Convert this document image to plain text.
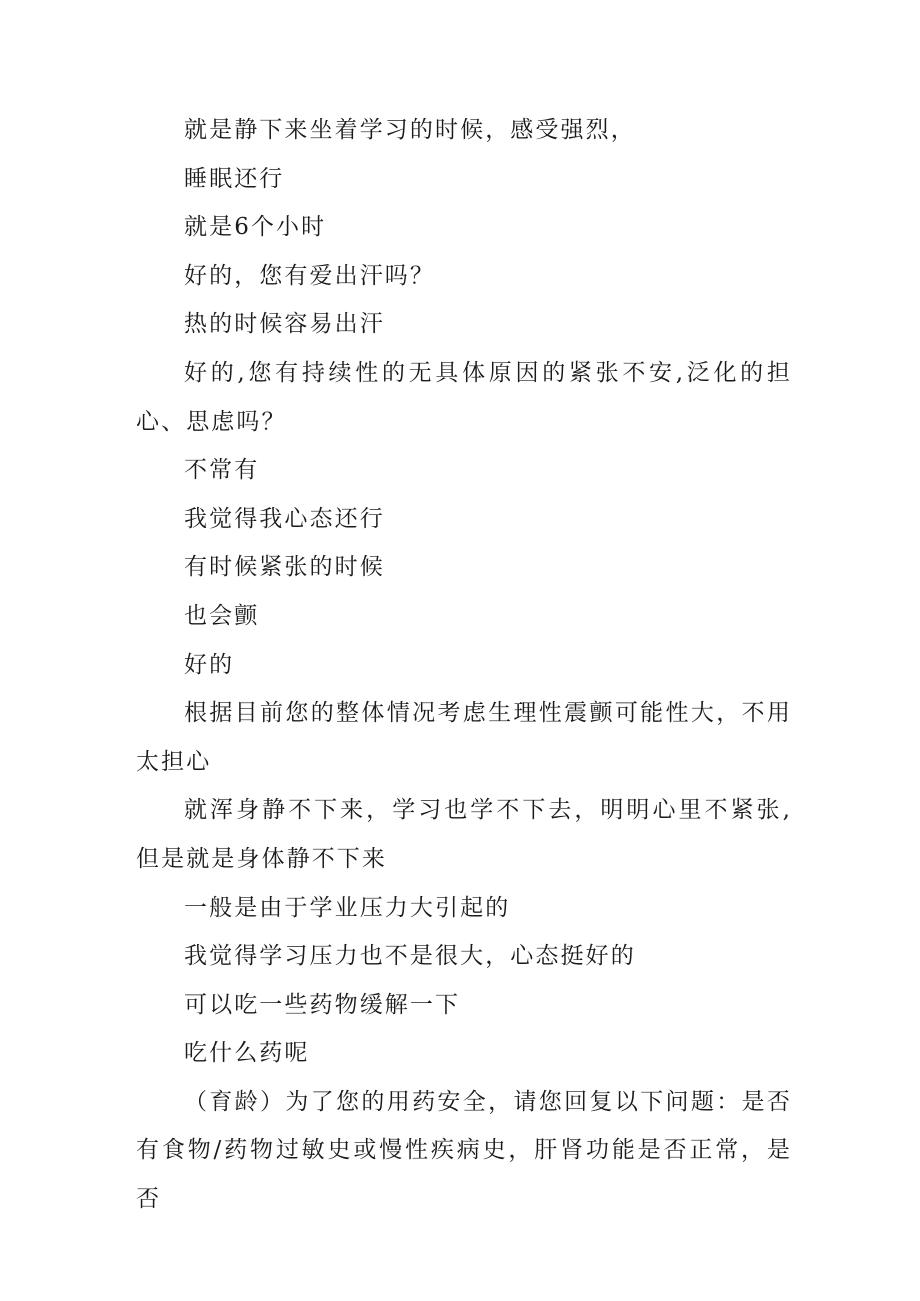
就是静下来坐着学习的时候，感受强烈，

睡眠还行

就是6个小时

好的，您有爱出汗吗？

热的时候容易出汗

好的,您有持续性的无具体原因的紧张不安,泛化的担心、思虑吗？

不常有

我觉得我心态还行

有时候紧张的时候

也会颤

好的

根据目前您的整体情况考虑生理性震颤可能性大，不用太担心

就浑身静不下来，学习也学不下去，明明心里不紧张,但是就是身体静不下来

一般是由于学业压力大引起的

我觉得学习压力也不是很大，心态挺好的

可以吃一些药物缓解一下

吃什么药呢

（育龄）为了您的用药安全，请您回复以下问题：是否有食物/药物过敏史或慢性疾病史，肝肾功能是否正常，是否
